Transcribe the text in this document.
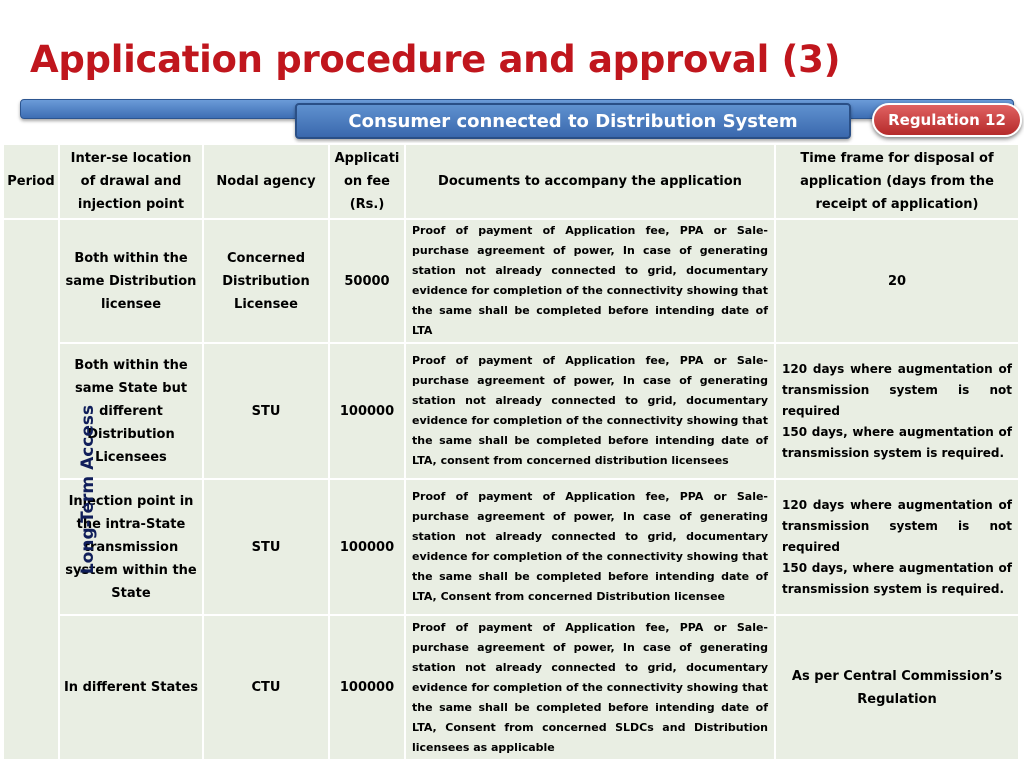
Application procedure and approval (3)
Consumer connected to Distribution System	Regulation 12
Period	Inter-se location of drawal and injection point	Nodal agency	Application fee (Rs.)	Documents to accompany the application	Time frame for disposal of application (days from the receipt of application)
Long-Term Access	Both within the same Distribution licensee	Concerned Distribution Licensee	50000	Proof of payment of Application fee, PPA or Sale-purchase agreement of power, In case of generating station not already connected to grid, documentary evidence for completion of the connectivity showing that the same shall be completed before intending date of LTA	20
	Both within the same State but different Distribution Licensees	STU	100000	Proof of payment of Application fee, PPA or Sale-purchase agreement of power, In case of generating station not already connected to grid, documentary evidence for completion of the connectivity showing that the same shall be completed before intending date of LTA, consent from concerned distribution licensees	120 days where augmentation of transmission system is not required
150 days, where augmentation of transmission system is required.

	Injection point in the intra-State transmission system within the State	STU	100000	Proof of payment of Application fee, PPA or Sale-purchase agreement of power, In case of generating station not already connected to grid, documentary evidence for completion of the connectivity showing that the same shall be completed before intending date of LTA, Consent from concerned Distribution licensee	120 days where augmentation of transmission system is not required
150 days, where augmentation of transmission system is required.

	In different States	CTU	100000	Proof of payment of Application fee, PPA or Sale-purchase agreement of power, In case of generating station not already connected to grid, documentary evidence for completion of the connectivity showing that the same shall be completed before intending date of LTA, Consent from concerned SLDCs and Distribution licensees as applicable	As per Central Commission’s Regulation
